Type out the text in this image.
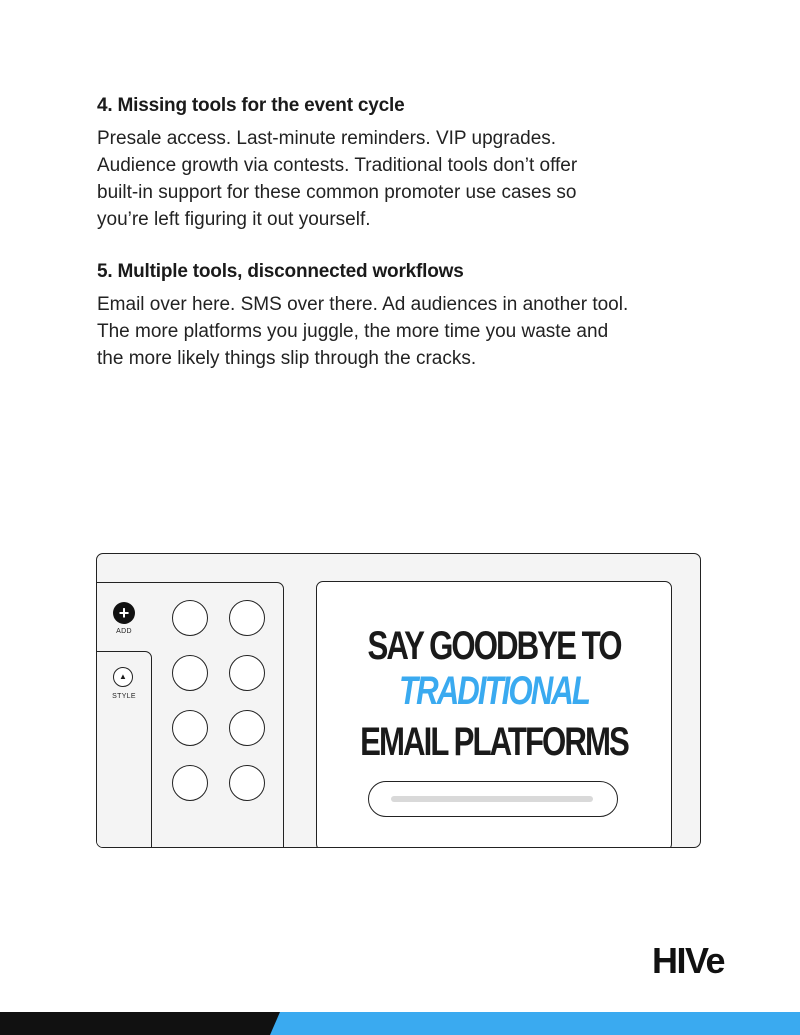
4. Missing tools for the event cycle

Presale access. Last-minute reminders. VIP upgrades.
Audience growth via contests. Traditional tools don’t offer
built-in support for these common promoter use cases so
you’re left figuring it out yourself.

5. Multiple tools, disconnected workflows

Email over here. SMS over there. Ad audiences in another tool.
The more platforms you juggle, the more time you waste and
the more likely things slip through the cracks.

+
ADD
▲
STYLE
SAY GOODBYE TO
TRADITIONAL
EMAIL PLATFORMS
HIVe
